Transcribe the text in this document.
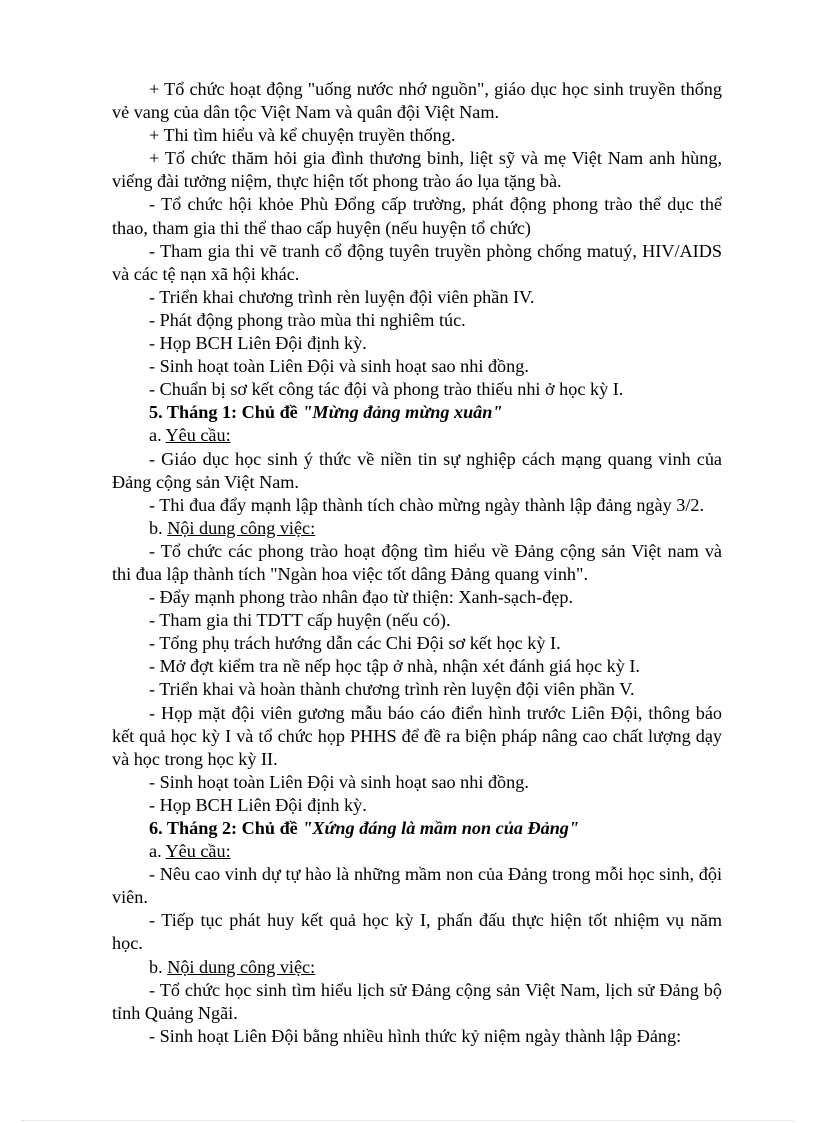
+ Tổ chức hoạt động "uống nước nhớ nguồn", giáo dục học sinh truyền thống vẻ vang của dân tộc Việt Nam và quân đội Việt Nam.

+ Thi tìm hiểu và kể chuyện truyền thống.

+ Tổ chức thăm hỏi gia đình thương binh, liệt sỹ và mẹ Việt Nam anh hùng, viếng đài tưởng niệm, thực hiện tốt phong trào áo lụa tặng bà.

- Tổ chức hội khỏe Phù Đổng cấp trường, phát động phong trào thể dục thể thao, tham gia thi thể thao cấp huyện (nếu huyện tổ chức)

- Tham gia thi vẽ tranh cổ động tuyên truyền phòng chống matuý, HIV/AIDS và các tệ nạn xã hội khác.

- Triển khai chương trình rèn luyện đội viên phần IV.

- Phát động phong trào mùa thi nghiêm túc.

- Họp BCH Liên Đội định kỳ.

- Sinh hoạt toàn Liên Đội và sinh hoạt sao nhi đồng.

- Chuẩn bị sơ kết công tác đội và phong trào thiếu nhi ở học kỳ I.

5. Tháng 1: Chủ đề "Mừng đảng mừng xuân"

a. Yêu cầu:

- Giáo dục học sinh ý thức về niền tin sự nghiệp cách mạng quang vinh của Đảng cộng sản Việt Nam.

- Thi đua đẩy mạnh lập thành tích chào mừng ngày thành lập đảng ngày 3/2.

b. Nội dung công việc:

- Tổ chức các phong trào hoạt động tìm hiểu về Đảng cộng sản Việt nam và thi đua lập thành tích "Ngàn hoa việc tốt dâng Đảng quang vinh".

- Đẩy mạnh phong trào nhân đạo từ thiện: Xanh-sạch-đẹp.

- Tham gia thi TDTT cấp huyện (nếu có).

- Tổng phụ trách hướng dẫn các Chi Đội sơ kết học kỳ I.

- Mở đợt kiểm tra nề nếp học tập ở nhà, nhận xét đánh giá học kỳ I.

- Triển khai và hoàn thành chương trình rèn luyện đội viên phần V.

- Họp mặt đội viên gương mẫu báo cáo điển hình trước Liên Đội, thông báo kết quả học kỳ I và tổ chức họp PHHS để đề ra biện pháp nâng cao chất lượng dạy và học trong học kỳ II.

- Sinh hoạt toàn Liên Đội và sinh hoạt sao nhi đồng.

- Họp BCH Liên Đội định kỳ.

6. Tháng 2: Chủ đề "Xứng đáng là mầm non của Đảng"

a. Yêu cầu:

- Nêu cao vinh dự tự hào là những mầm non của Đảng trong mỗi học sinh, đội viên.

- Tiếp tục phát huy kết quả học kỳ I, phấn đấu thực hiện tốt nhiệm vụ năm học.

b. Nội dung công việc:

- Tổ chức học sinh tìm hiểu lịch sử Đảng cộng sản Việt Nam, lịch sử Đảng bộ tỉnh Quảng Ngãi.

- Sinh hoạt Liên Đội bằng nhiều hình thức kỷ niệm ngày thành lập Đảng:
